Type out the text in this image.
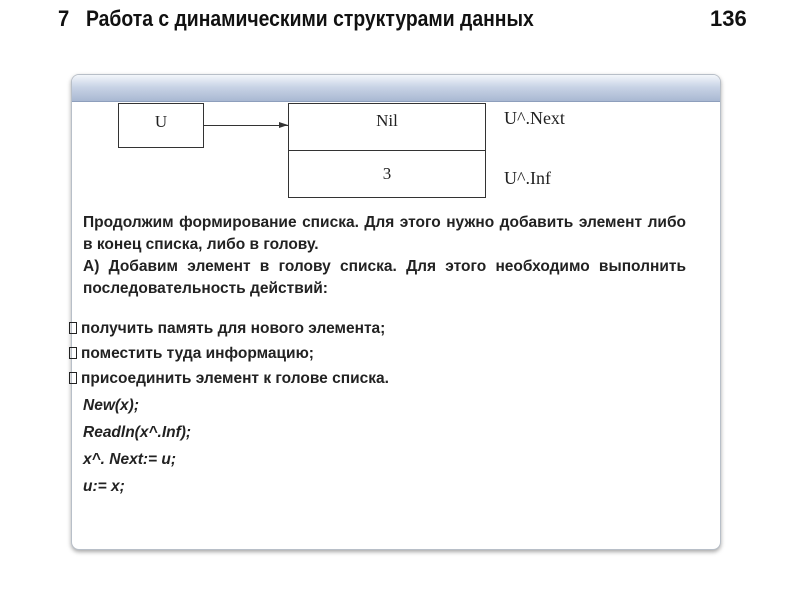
7 Работа с динамическими структурами данных	136
U	Nil
3
U^.Next
U^.Inf

Продолжим формирование списка. Для этого нужно добавить элемент либо в конец списка, либо в голову.

А) Добавим элемент в голову списка. Для этого необходимо выполнить последовательность действий:

получить память для нового элемента;
поместить туда информацию;
присоединить элемент к голове списка.
New(x);
Readln(x^.Inf);
x^. Next:= u;
u:= x;
